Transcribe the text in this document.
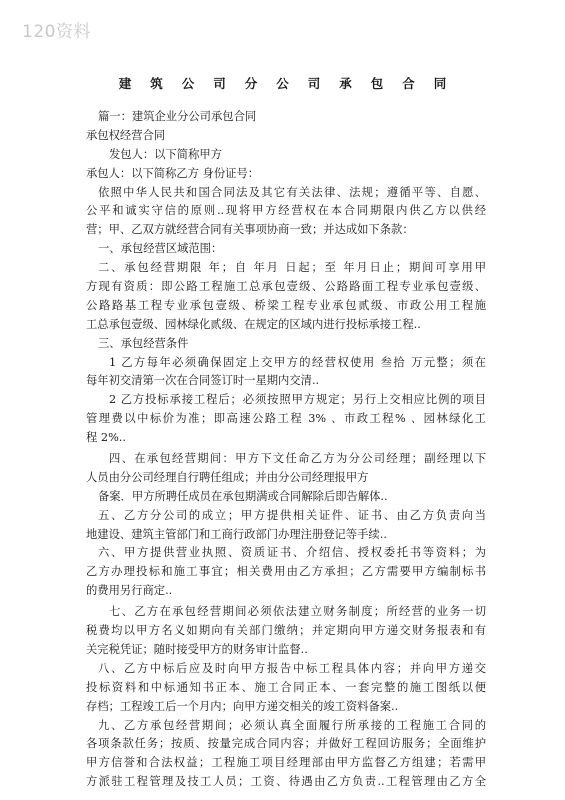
120资料
建筑公司分公司承包合同
篇一：建筑企业分公司承包合同
承包权经营合同
发包人：以下简称甲方
承包人：以下简称乙方 身份证号：
依照中华人民共和国合同法及其它有关法律、法规；遵循平等、自愿、
公平和诚实守信的原则..现将甲方经营权在本合同期限内供乙方以供经
营；甲、乙双方就经营合同有关事项协商一致；并达成如下条款：
一、承包经营区域范围：
二、承包经营期限 年；自 年月 日起；至 年月日止；期间可享用甲
方现有资质：即公路工程施工总承包壹级、公路路面工程专业承包壹级、
公路路基工程专业承包壹级、桥梁工程专业承包贰级、市政公用工程施
工总承包壹级、园林绿化贰级、在规定的区域内进行投标承接工程..
三、承包经营条件
1 乙方每年必须确保固定上交甲方的经营权使用 叁拾 万元整；须在
每年初交清第一次在合同签订时一星期内交清..
2 乙方投标承接工程后；必须按照甲方规定；另行上交相应比例的项目
管理费以中标价为准；即高速公路工程 3% 、市政工程% 、园林绿化工
程 2%..
四、在承包经营期间：甲方下文任命乙方为分公司经理；副经理以下
人员由分公司经理自行聘任组成；并由分公司经理报甲方
备案．甲方所聘任成员在承包期满或合同解除后即告解体..
五、乙方分公司的成立；甲方提供相关证件、证书、由乙方负责向当
地建设、建筑主管部门和工商行政部门办理注册登记等手续..
六、甲方提供营业执照、资质证书、介绍信、授权委托书等资料；为
乙方办理投标和施工事宜；相关费用由乙方承担；乙方需要甲方编制标书
的费用另行商定..
七、乙方在承包经营期间必须依法建立财务制度；所经营的业务一切
税费均以甲方名义如期向有关部门缴纳；并定期向甲方递交财务报表和有
关完税凭证；随时接受甲方的财务审计监督..
八、乙方中标后应及时向甲方报告中标工程具体内容；并向甲方递交
投标资料和中标通知书正本、施工合同正本、一套完整的施工图纸以便
存档；工程竣工后一个月内；向甲方递交相关的竣工资料备案..
九、乙方承包经营期间；必须认真全面履行所承接的工程施工合同的
各项条款任务；按质、按量完成合同内容；并做好工程回访服务；全面维护
甲方信誉和合法权益；工程施工项目经理部由甲方监督乙方组建；若需甲
方派驻工程管理及技工人员；工资、待遇由乙方负责..工程管理由乙方全
